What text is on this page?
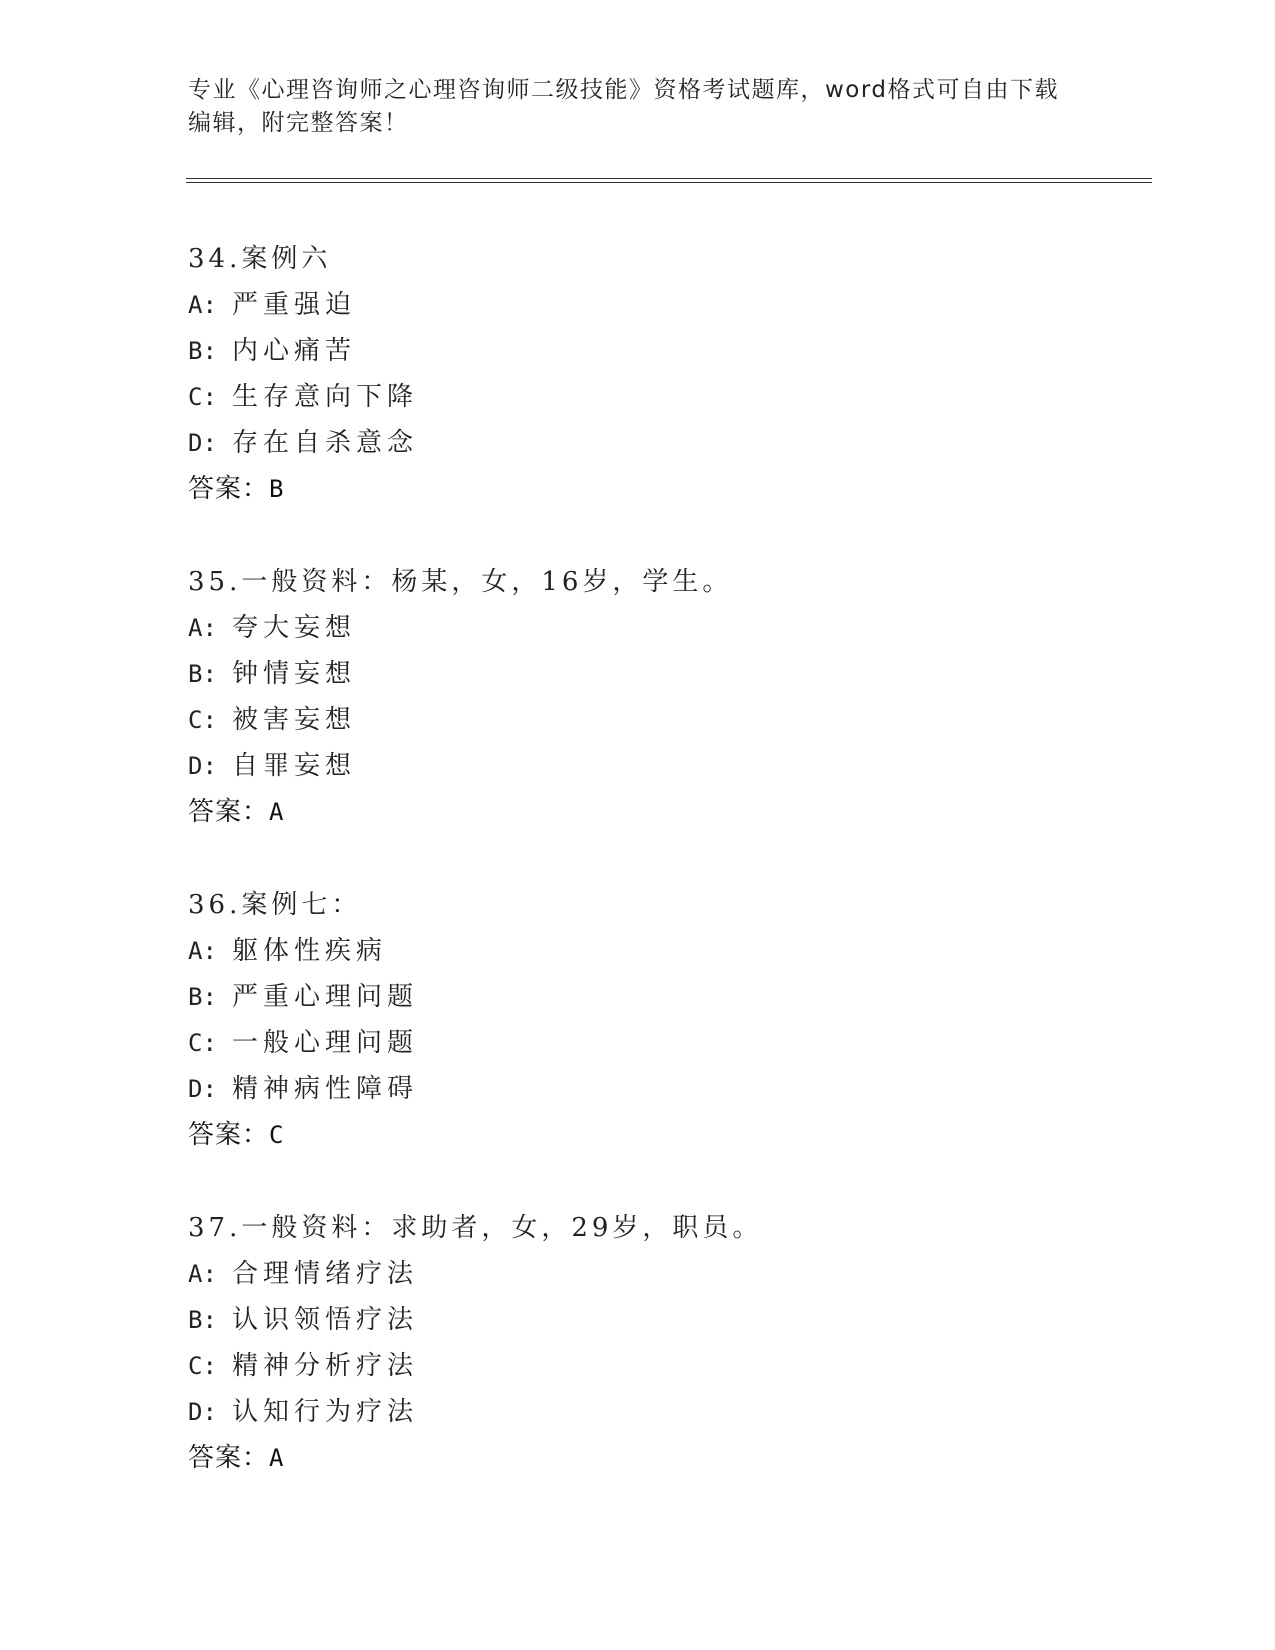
专业《心理咨询师之心理咨询师二级技能》资格考试题库，word格式可自由下载
编辑，附完整答案！
34.案例六
A: 严重强迫
B: 内心痛苦
C: 生存意向下降
D: 存在自杀意念
答案：B
35.一般资料：杨某，女，16岁，学生。
A: 夸大妄想
B: 钟情妄想
C: 被害妄想
D: 自罪妄想
答案：A
36.案例七：
A: 躯体性疾病
B: 严重心理问题
C: 一般心理问题
D: 精神病性障碍
答案：C
37.一般资料：求助者，女，29岁，职员。
A: 合理情绪疗法
B: 认识领悟疗法
C: 精神分析疗法
D: 认知行为疗法
答案：A
